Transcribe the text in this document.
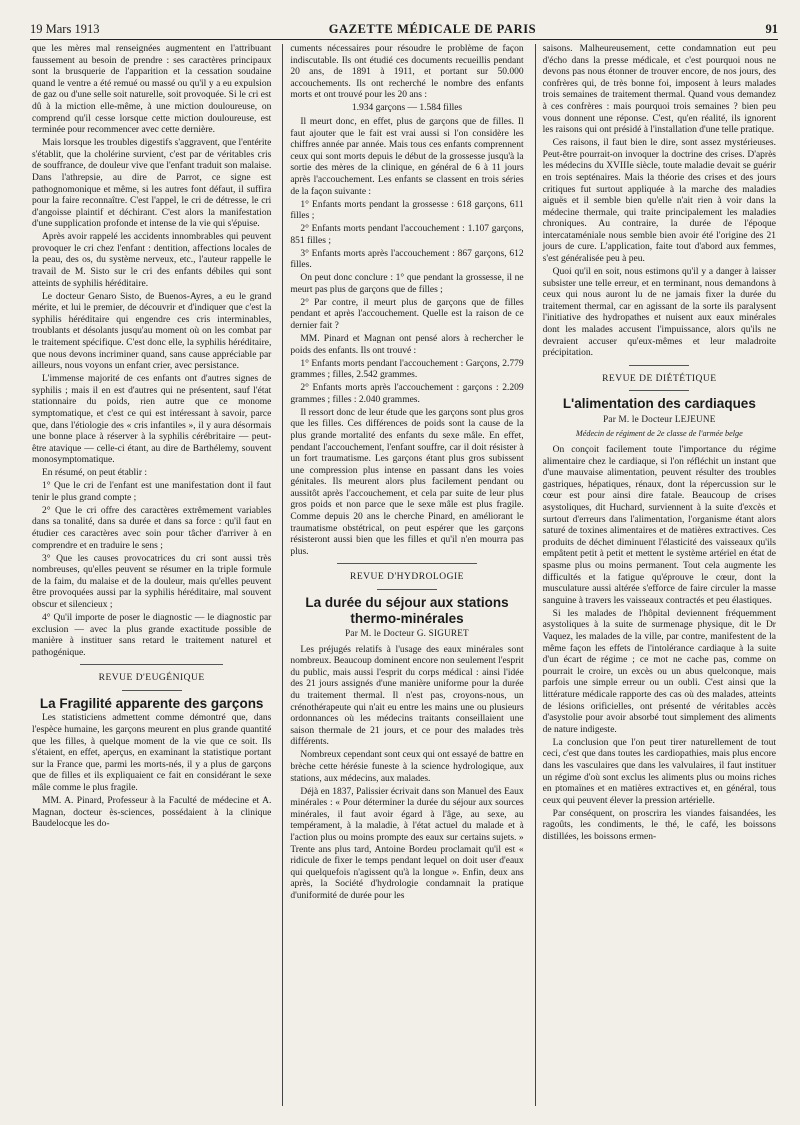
19 Mars 1913	GAZETTE MÉDICALE DE PARIS	91

que les mères mal renseignées augmentent en l'attribuant faussement au besoin de prendre : ses caractères principaux sont la brusquerie de l'apparition et la cessation soudaine quand le ventre a été remué ou massé ou qu'il y a eu expulsion de gaz ou d'une selle soit naturelle, soit provoquée. Si le cri est dû à la miction elle-même, à une miction douloureuse, on comprend qu'il cesse lorsque cette miction douloureuse, est terminée pour recommencer avec cette dernière.

Mais lorsque les troubles digestifs s'aggravent, que l'entérite s'établit, que la cholérine survient, c'est par de véritables cris de souffrance, de douleur vive que l'enfant traduit son malaise. Dans l'athrepsie, au dire de Parrot, ce signe est pathognomonique et même, si les autres font défaut, il suffira pour la faire reconnaître. C'est l'appel, le cri de détresse, le cri d'angoisse plaintif et déchirant. C'est alors la manifestation d'une supplication profonde et intense de la vie qui s'épuise.

Après avoir rappelé les accidents innombrables qui peuvent provoquer le cri chez l'enfant : dentition, affections locales de la peau, des os, du système nerveux, etc., l'auteur rappelle le travail de M. Sisto sur le cri des enfants débiles qui sont atteints de syphilis héréditaire.

Le docteur Genaro Sisto, de Buenos-Ayres, a eu le grand mérite, et lui le premier, de découvrir et d'indiquer que c'est la syphilis héréditaire qui engendre ces cris interminables, troublants et désolants jusqu'au moment où on les combat par le traitement spécifique. C'est donc elle, la syphilis héréditaire, que nous devons incriminer quand, sans cause appréciable par ailleurs, nous voyons un enfant crier, avec persistance.

L'immense majorité de ces enfants ont d'autres signes de syphilis ; mais il en est d'autres qui ne présentent, sauf l'état stationnaire du poids, rien autre que ce monome symptomatique, et c'est ce qui est intéressant à savoir, parce que, dans l'étiologie des « cris infantiles », il y aura désormais une bonne place à réserver à la syphilis cérébritaire — peut-être atavique — celle-ci étant, au dire de Barthélemy, souvent monosymptomatique.

En résumé, on peut établir :

1° Que le cri de l'enfant est une manifestation dont il faut tenir le plus grand compte ;

2° Que le cri offre des caractères extrêmement variables dans sa tonalité, dans sa durée et dans sa force : qu'il faut en étudier ces caractères avec soin pour tâcher d'arriver à en comprendre et en traduire le sens ;

3° Que les causes provocatrices du cri sont aussi très nombreuses, qu'elles peuvent se résumer en la triple formule de la faim, du malaise et de la douleur, mais qu'elles peuvent être provoquées aussi par la syphilis héréditaire, mal souvent obscur et silencieux ;

4° Qu'il importe de poser le diagnostic — le diagnostic par exclusion — avec la plus grande exactitude possible de manière à instituer sans retard le traitement naturel et pathogénique.

REVUE D'EUGÉNIQUE
La Fragilité apparente des garçons

Les statisticiens admettent comme démontré que, dans l'espèce humaine, les garçons meurent en plus grande quantité que les filles, à quelque moment de la vie que ce soit. Ils s'étaient, en effet, aperçus, en examinant la statistique portant sur la France que, parmi les morts-nés, il y a plus de garçons que de filles et ils expliquaient ce fait en considérant le sexe mâle comme le plus fragile.

MM. A. Pinard, Professeur à la Faculté de médecine et A. Magnan, docteur ès-sciences, possédaient à la clinique Baudelocque les do-

cuments nécessaires pour résoudre le problème de façon indiscutable. Ils ont étudié ces documents recueillis pendant 20 ans, de 1891 à 1911, et portant sur 50.000 accouchements. Ils ont recherché le nombre des enfants morts et ont trouvé pour les 20 ans :

1.934 garçons — 1.584 filles

Il meurt donc, en effet, plus de garçons que de filles. Il faut ajouter que le fait est vrai aussi si l'on considère les chiffres année par année. Mais tous ces enfants comprennent ceux qui sont morts depuis le début de la grossesse jusqu'à la sortie des mères de la clinique, en général de 6 à 11 jours après l'accouchement. Les enfants se classent en trois séries de la façon suivante :

1° Enfants morts pendant la grossesse : 618 garçons, 611 filles ;

2° Enfants morts pendant l'accouchement : 1.107 garçons, 851 filles ;

3° Enfants morts après l'accouchement : 867 garçons, 612 filles.

On peut donc conclure : 1° que pendant la grossesse, il ne meurt pas plus de garçons que de filles ;

2° Par contre, il meurt plus de garçons que de filles pendant et après l'accouchement. Quelle est la raison de ce dernier fait ?

MM. Pinard et Magnan ont pensé alors à rechercher le poids des enfants. Ils ont trouvé :

1° Enfants morts pendant l'accouchement : Garçons, 2.779 grammes ; filles, 2.542 grammes.

2° Enfants morts après l'accouchement : garçons : 2.209 grammes ; filles : 2.040 grammes.

Il ressort donc de leur étude que les garçons sont plus gros que les filles. Ces différences de poids sont la cause de la plus grande mortalité des enfants du sexe mâle. En effet, pendant l'accouchement, l'enfant souffre, car il doit résister à un fort traumatisme. Les garçons étant plus gros subissent une compression plus intense en passant dans les voies génitales. Ils meurent alors plus facilement pendant ou aussitôt après l'accouchement, et cela par suite de leur plus gros poids et non parce que le sexe mâle est plus fragile. Comme depuis 20 ans le cherche Pinard, en améliorant le traumatisme obstétrical, on peut espérer que les garçons résisteront aussi bien que les filles et qu'il n'en mourra pas plus.

REVUE D'HYDROLOGIE
La durée du séjour aux stations thermo-minérales
Par M. le Docteur G. SIGURET

Les préjugés relatifs à l'usage des eaux minérales sont nombreux. Beaucoup dominent encore non seulement l'esprit du public, mais aussi l'esprit du corps médical : ainsi l'idée des 21 jours assignés d'une manière uniforme pour la durée du traitement thermal. Il n'est pas, croyons-nous, un crénothérapeute qui n'ait eu entre les mains une ou plusieurs ordonnances où les médecins traitants conseillaient une saison thermale de 21 jours, et ce pour des malades très différents.

Nombreux cependant sont ceux qui ont essayé de battre en brèche cette hérésie funeste à la science hydrologique, aux stations, aux médecins, aux malades.

Déjà en 1837, Palissier écrivait dans son Manuel des Eaux minérales : « Pour déterminer la durée du séjour aux sources minérales, il faut avoir égard à l'âge, au sexe, au tempérament, à la maladie, à l'état actuel du malade et à l'action plus ou moins prompte des eaux sur certains sujets. » Trente ans plus tard, Antoine Bordeu proclamait qu'il est « ridicule de fixer le temps pendant lequel on doit user d'eaux qui quelquefois n'agissent qu'à la longue ». Enfin, deux ans après, la Société d'hydrologie condamnait la pratique d'uniformité de durée pour les

saisons. Malheureusement, cette condamnation eut peu d'écho dans la presse médicale, et c'est pourquoi nous ne devons pas nous étonner de trouver encore, de nos jours, des confrères qui, de très bonne foi, imposent à leurs malades trois semaines de traitement thermal. Quand vous demandez à ces confrères : mais pourquoi trois semaines ? bien peu vous donnent une réponse. C'est, qu'en réalité, ils ignorent les raisons qui ont présidé à l'installation d'une telle pratique.

Ces raisons, il faut bien le dire, sont assez mystérieuses. Peut-être pourrait-on invoquer la doctrine des crises. D'après les médecins du XVIIIe siècle, toute maladie devait se guérir en trois septénaires. Mais la théorie des crises et des jours critiques fut surtout appliquée à la marche des maladies aiguës et il semble bien qu'elle n'ait rien à voir dans la médecine thermale, qui traite principalement les maladies chroniques. Au contraire, la durée de l'époque intercataméniale nous semble bien avoir été l'origine des 21 jours de cure. L'application, faite tout d'abord aux femmes, s'est généralisée peu à peu.

Quoi qu'il en soit, nous estimons qu'il y a danger à laisser subsister une telle erreur, et en terminant, nous demandons à ceux qui nous auront lu de ne jamais fixer la durée du traitement thermal, car en agissant de la sorte ils paralysent l'initiative des hydropathes et nuisent aux eaux minérales dont les malades accusent l'impuissance, alors qu'ils ne devraient accuser qu'eux-mêmes et leur maladroite précipitation.

REVUE DE DIÉTÉTIQUE
L'alimentation des cardiaques
Par M. le Docteur LEJEUNE
Médecin de régiment de 2e classe de l'armée belge

On conçoit facilement toute l'importance du régime alimentaire chez le cardiaque, si l'on réfléchit un instant que d'une mauvaise alimentation, peuvent résulter des troubles gastriques, hépatiques, rénaux, dont la répercussion sur le cœur est pour ainsi dire fatale. Beaucoup de crises asystoliques, dit Huchard, surviennent à la suite d'excès et surtout d'erreurs dans l'alimentation, l'organisme étant alors saturé de toxines alimentaires et de matières extractives. Ces produits de déchet diminuent l'élasticité des vaisseaux qu'ils empâtent petit à petit et mettent le système artériel en état de spasme plus ou moins permanent. Tout cela augmente les difficultés et la fatigue qu'éprouve le cœur, dont la musculature aussi altérée s'efforce de faire circuler la masse sanguine à travers les vaisseaux contractés et peu élastiques.

Si les malades de l'hôpital deviennent fréquemment asystoliques à la suite de surmenage physique, dit le Dr Vaquez, les malades de la ville, par contre, manifestent de la même façon les effets de l'intolérance cardiaque à la suite d'un écart de régime ; ce mot ne cache pas, comme on pourrait le croire, un excès ou un abus quelconque, mais parfois une simple erreur ou un oubli. C'est ainsi que la littérature médicale rapporte des cas où des malades, atteints de lésions orificielles, ont présenté de véritables accès d'asystolie pour avoir absorbé tout simplement des aliments de nature indigeste.

La conclusion que l'on peut tirer naturellement de tout ceci, c'est que dans toutes les cardiopathies, mais plus encore dans les vasculaires que dans les valvulaires, il faut instituer un régime d'où sont exclus les aliments plus ou moins riches en ptomaïnes et en matières extractives et, en général, tous ceux qui peuvent élever la pression artérielle.

Par conséquent, on proscrira les viandes faisandées, les ragoûts, les condiments, le thé, le café, les boissons distillées, les boissons ermen-
